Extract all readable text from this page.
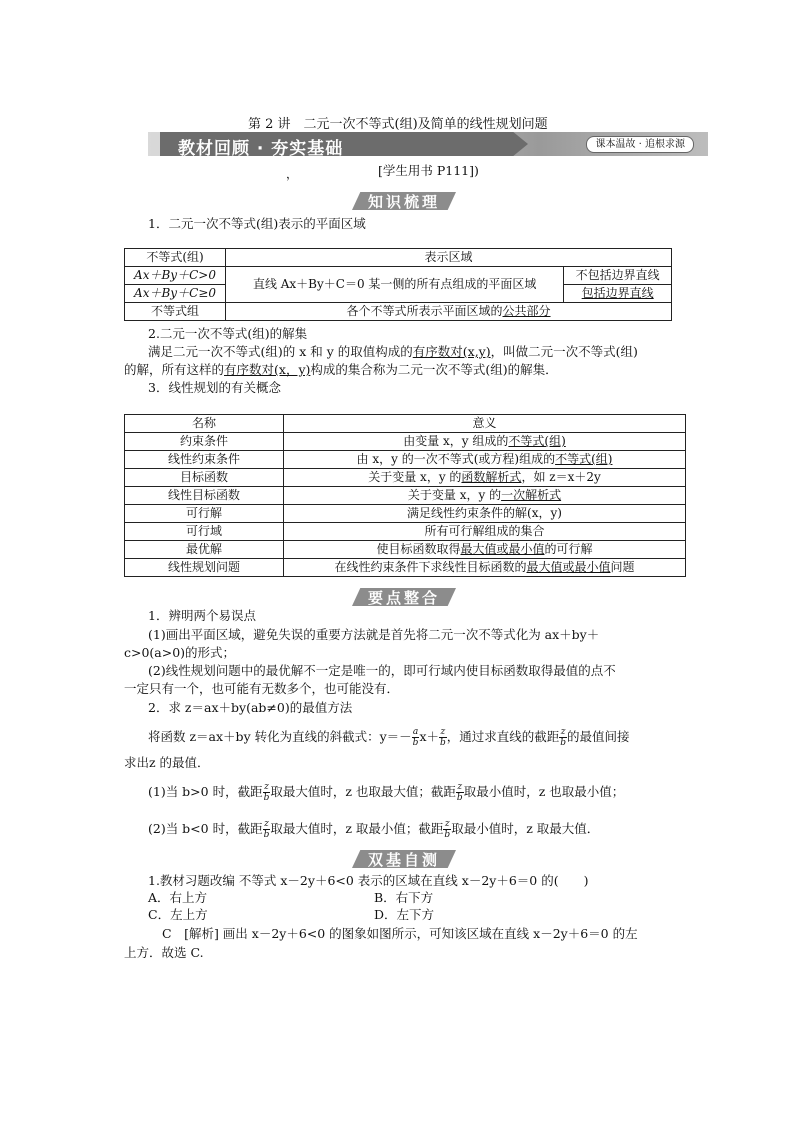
第 2 讲　二元一次不等式(组)及简单的线性规划问题
教材回顾 · 夯实基础	课本温故 · 追根求源
，	[学生用书 P111])
知识梳理
1．二元一次不等式(组)表示的平面区域
不等式(组)	表示区域	
Ax＋By＋C>0	直线 Ax＋By＋C＝0 某一侧的所有点组成的平面区域	不包括边界直线
Ax＋By＋C≥0		包括边界直线
不等式组	各个不等式所表示平面区域的公共部分	
2.二元一次不等式(组)的解集
满足二元一次不等式(组)的 x 和 y 的取值构成的有序数对(x,y)，叫做二元一次不等式(组)
的解，所有这样的有序数对(x，y)构成的集合称为二元一次不等式(组)的解集．
3．线性规划的有关概念
名称	意义
约束条件	由变量 x，y 组成的不等式(组)
线性约束条件	由 x，y 的一次不等式(或方程)组成的不等式(组)
目标函数	关于变量 x，y 的函数解析式，如 z＝x＋2y
线性目标函数	关于变量 x，y 的一次解析式
可行解	满足线性约束条件的解(x，y)
可行域	所有可行解组成的集合
最优解	使目标函数取得最大值或最小值的可行解
线性规划问题	在线性约束条件下求线性目标函数的最大值或最小值问题
要点整合
1．辨明两个易误点
(1)画出平面区域，避免失误的重要方法就是首先将二元一次不等式化为 ax＋by＋
c>0(a>0)的形式；
(2)线性规划问题中的最优解不一定是唯一的，即可行域内使目标函数取得最值的点不
一定只有一个，也可能有无数多个，也可能没有．
2．求 z＝ax＋by(ab≠0)的最值方法
将函数 z＝ax＋by 转化为直线的斜截式：$y=- \frac{a}{b} x+ \frac{z}{b}$ ，通过求直线的截距 $\frac{z}{b}$ 的最值间接
求出z 的最值．
(1)当 b>0 时，截距 $\frac{z}{b}$ 取最大值时，z 也取最大值；截距 $\frac{z}{b}$ 取最小值时，z 也取最小值；
(2)当 b<0 时，截距 $\frac{z}{b}$ 取最大值时，z 取最小值；截距 $\frac{z}{b}$ 取最小值时，z 取最大值．
双基自测
1.教材习题改编 不等式 x－2y＋6<0 表示的区域在直线 x－2y＋6＝0 的(　　)
A．右上方	B．右下方
C．左上方	D．左下方
C　[解析] 画出 x－2y＋6<0 的图象如图所示，可知该区域在直线 x－2y＋6＝0 的左
上方．故选 C.
